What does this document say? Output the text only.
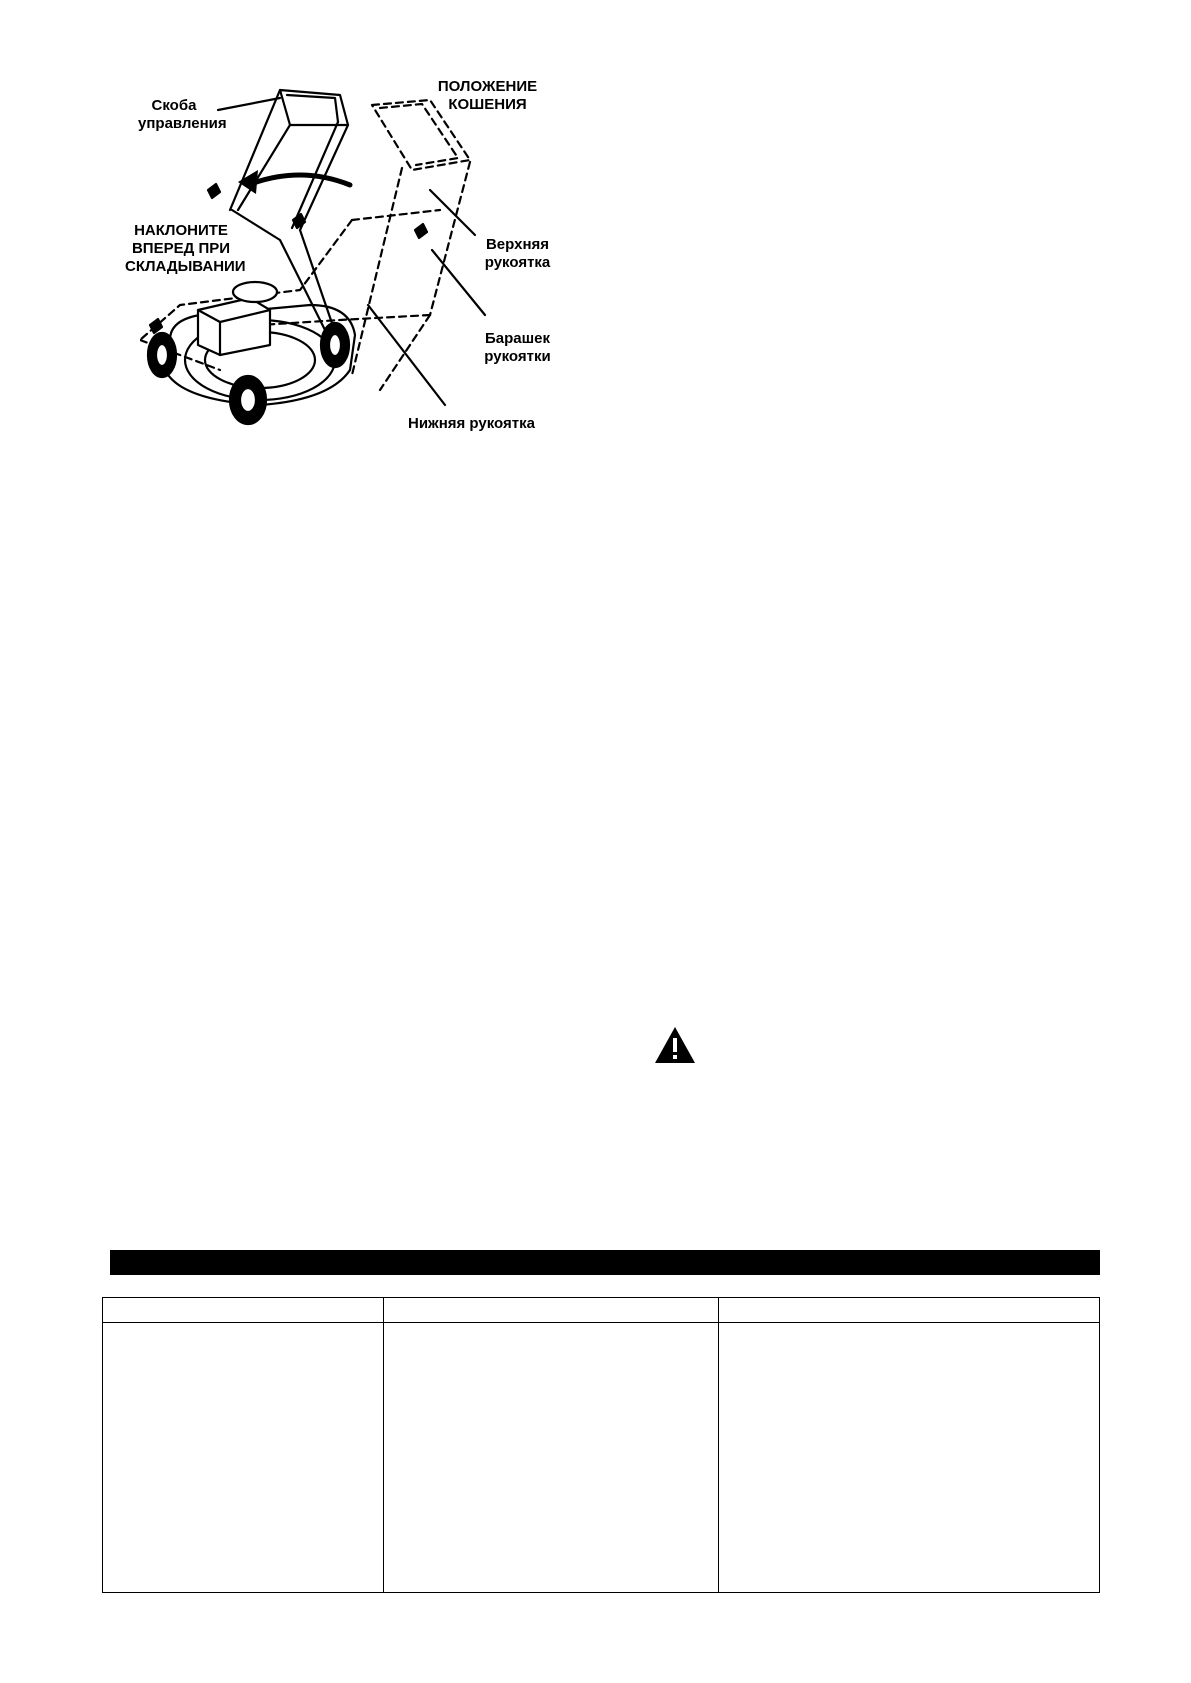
Скоба
управления
ПОЛОЖЕНИЕ
КОШЕНИЯ
НАКЛОНИТЕ
ВПЕРЕД ПРИ
СКЛАДЫВАНИИ
Верхняя
рукоятка
Барашек
рукоятки
Нижняя рукоятка
